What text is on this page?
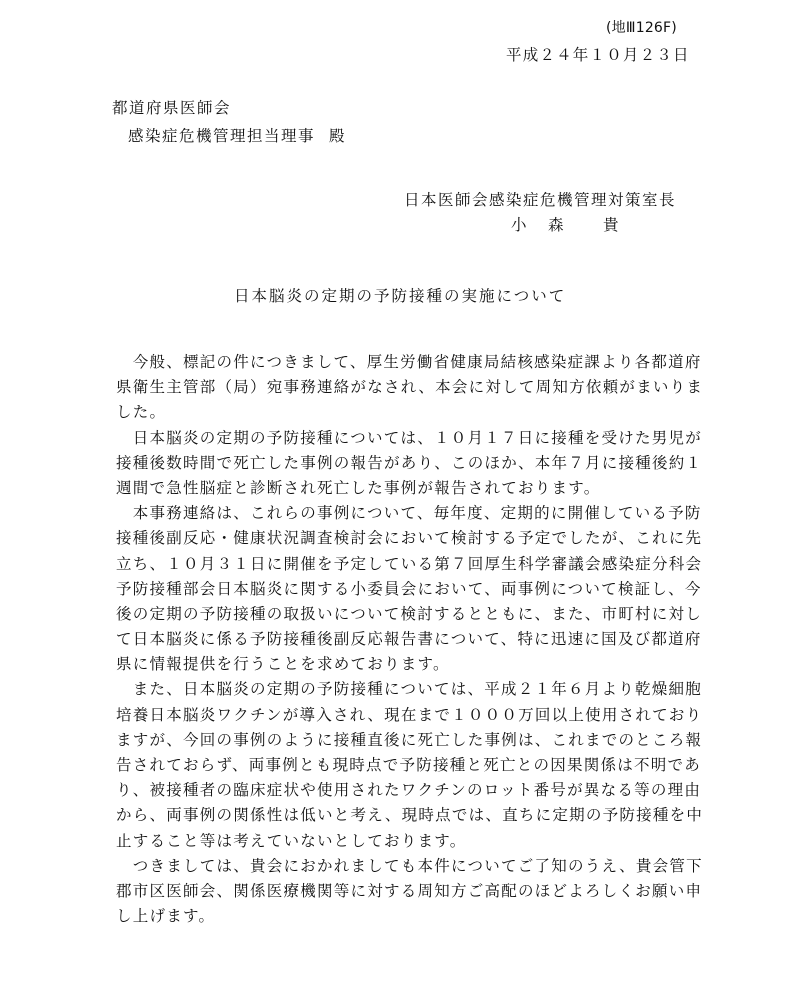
(地Ⅲ126F)
平成２４年１０月２３日
都道府県医師会
感染症危機管理担当理事 殿
日本医師会感染症危機管理対策室長
小 森 貴
日本脳炎の定期の予防接種の実施について
　今般、標記の件につきまして、厚生労働省健康局結核感染症課より各都道府
県衛生主管部（局）宛事務連絡がなされ、本会に対して周知方依頼がまいりま
した。
　日本脳炎の定期の予防接種については、１０月１７日に接種を受けた男児が
接種後数時間で死亡した事例の報告があり、このほか、本年７月に接種後約１
週間で急性脳症と診断され死亡した事例が報告されております。
　本事務連絡は、これらの事例について、毎年度、定期的に開催している予防
接種後副反応・健康状況調査検討会において検討する予定でしたが、これに先
立ち、１０月３１日に開催を予定している第７回厚生科学審議会感染症分科会
予防接種部会日本脳炎に関する小委員会において、両事例について検証し、今
後の定期の予防接種の取扱いについて検討するとともに、また、市町村に対し
て日本脳炎に係る予防接種後副反応報告書について、特に迅速に国及び都道府
県に情報提供を行うことを求めております。
　また、日本脳炎の定期の予防接種については、平成２１年６月より乾燥細胞
培養日本脳炎ワクチンが導入され、現在まで１０００万回以上使用されており
ますが、今回の事例のように接種直後に死亡した事例は、これまでのところ報
告されておらず、両事例とも現時点で予防接種と死亡との因果関係は不明であ
り、被接種者の臨床症状や使用されたワクチンのロット番号が異なる等の理由
から、両事例の関係性は低いと考え、現時点では、直ちに定期の予防接種を中
止すること等は考えていないとしております。
　つきましては、貴会におかれましても本件についてご了知のうえ、貴会管下
郡市区医師会、関係医療機関等に対する周知方ご高配のほどよろしくお願い申
し上げます。
